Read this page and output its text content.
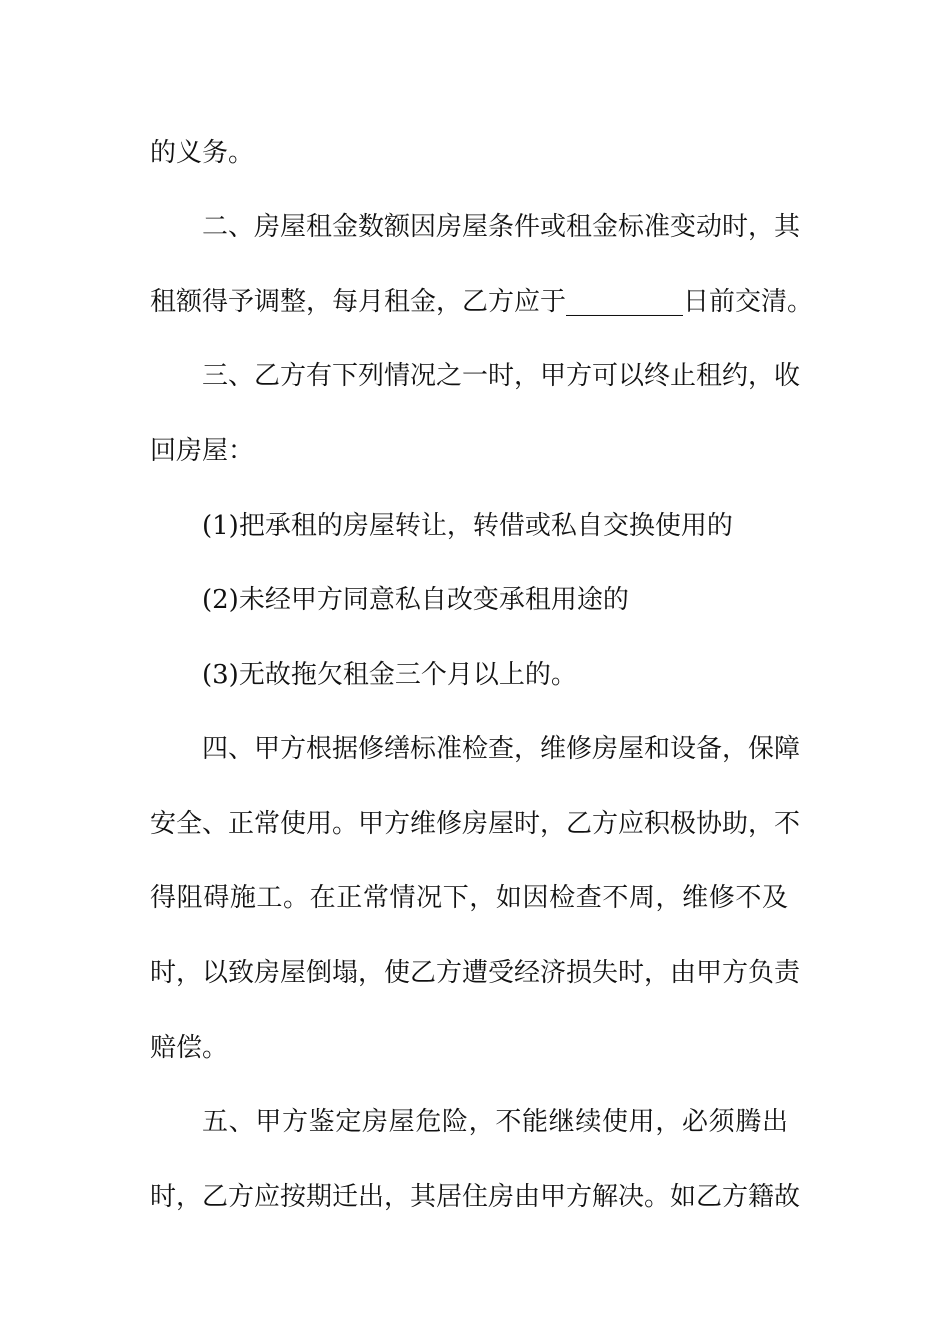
的义务。
二、房屋租金数额因房屋条件或租金标准变动时，其
租额得予调整，每月租金，乙方应于_________日前交清。
三、乙方有下列情况之一时，甲方可以终止租约，收
回房屋：
(1)把承租的房屋转让，转借或私自交换使用的
(2)未经甲方同意私自改变承租用途的
(3)无故拖欠租金三个月以上的。
四、甲方根据修缮标准检查，维修房屋和设备，保障
安全、正常使用。甲方维修房屋时，乙方应积极协助，不
得阻碍施工。在正常情况下，如因检查不周，维修不及
时，以致房屋倒塌，使乙方遭受经济损失时，由甲方负责
赔偿。
五、甲方鉴定房屋危险，不能继续使用，必须腾出
时，乙方应按期迁出，其居住房由甲方解决。如乙方籍故
